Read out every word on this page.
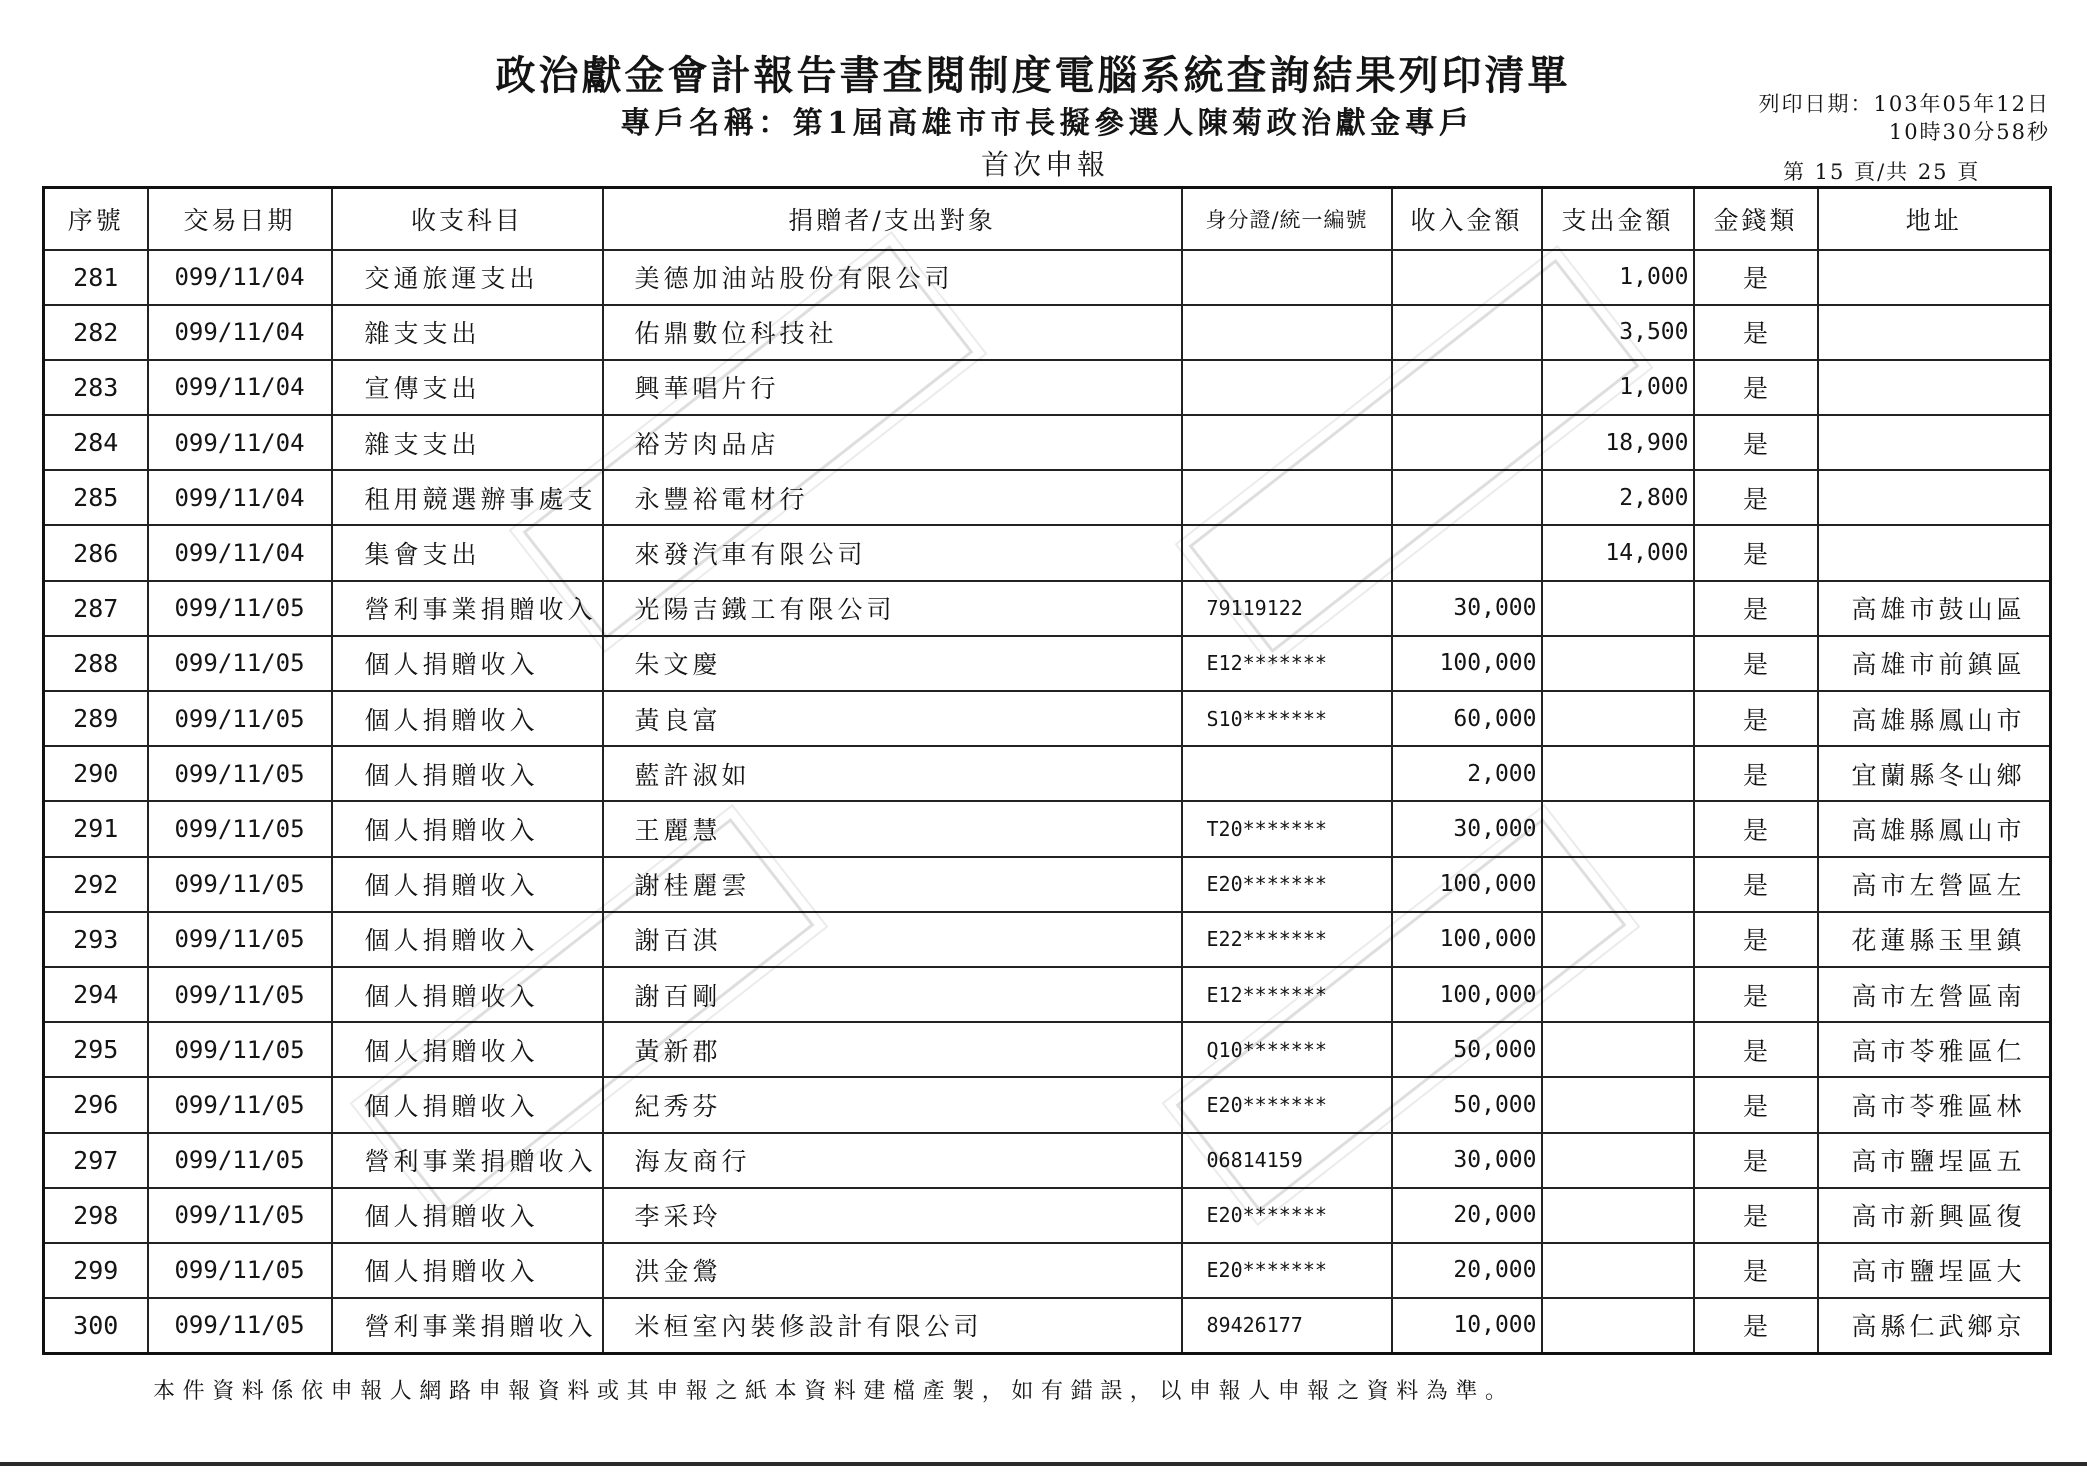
政治獻金會計報告書查閱制度電腦系統查詢結果列印清單
專戶名稱：第1屆高雄市市長擬參選人陳菊政治獻金專戶
首次申報
列印日期：103年05年12日
10時30分58秒
第 15 頁/共 25 頁
序號	交易日期	收支科目	捐贈者/支出對象	身分證/統一編號	收入金額	支出金額	金錢類	地址
281	099/11/04	交通旅運支出	美德加油站股份有限公司			1,000	是	
282	099/11/04	雜支支出	佑鼎數位科技社			3,500	是	
283	099/11/04	宣傳支出	興華唱片行			1,000	是	
284	099/11/04	雜支支出	裕芳肉品店			18,900	是	
285	099/11/04	租用競選辦事處支	永豐裕電材行			2,800	是	
286	099/11/04	集會支出	來發汽車有限公司			14,000	是	
287	099/11/05	營利事業捐贈收入	光陽吉鐵工有限公司	79119122	30,000		是	高雄市鼓山區
288	099/11/05	個人捐贈收入	朱文慶	E12*******	100,000		是	高雄市前鎮區
289	099/11/05	個人捐贈收入	黃良富	S10*******	60,000		是	高雄縣鳳山市
290	099/11/05	個人捐贈收入	藍許淑如		2,000		是	宜蘭縣冬山鄉
291	099/11/05	個人捐贈收入	王麗慧	T20*******	30,000		是	高雄縣鳳山市
292	099/11/05	個人捐贈收入	謝桂麗雲	E20*******	100,000		是	高市左營區左
293	099/11/05	個人捐贈收入	謝百淇	E22*******	100,000		是	花蓮縣玉里鎮
294	099/11/05	個人捐贈收入	謝百剛	E12*******	100,000		是	高市左營區南
295	099/11/05	個人捐贈收入	黃新郡	Q10*******	50,000		是	高市苓雅區仁
296	099/11/05	個人捐贈收入	紀秀芬	E20*******	50,000		是	高市苓雅區林
297	099/11/05	營利事業捐贈收入	海友商行	06814159	30,000		是	高市鹽埕區五
298	099/11/05	個人捐贈收入	李采玲	E20*******	20,000		是	高市新興區復
299	099/11/05	個人捐贈收入	洪金鶯	E20*******	20,000		是	高市鹽埕區大
300	099/11/05	營利事業捐贈收入	米桓室內裝修設計有限公司	89426177	10,000		是	高縣仁武鄉京
本件資料係依申報人網路申報資料或其申報之紙本資料建檔產製，如有錯誤，以申報人申報之資料為準。
